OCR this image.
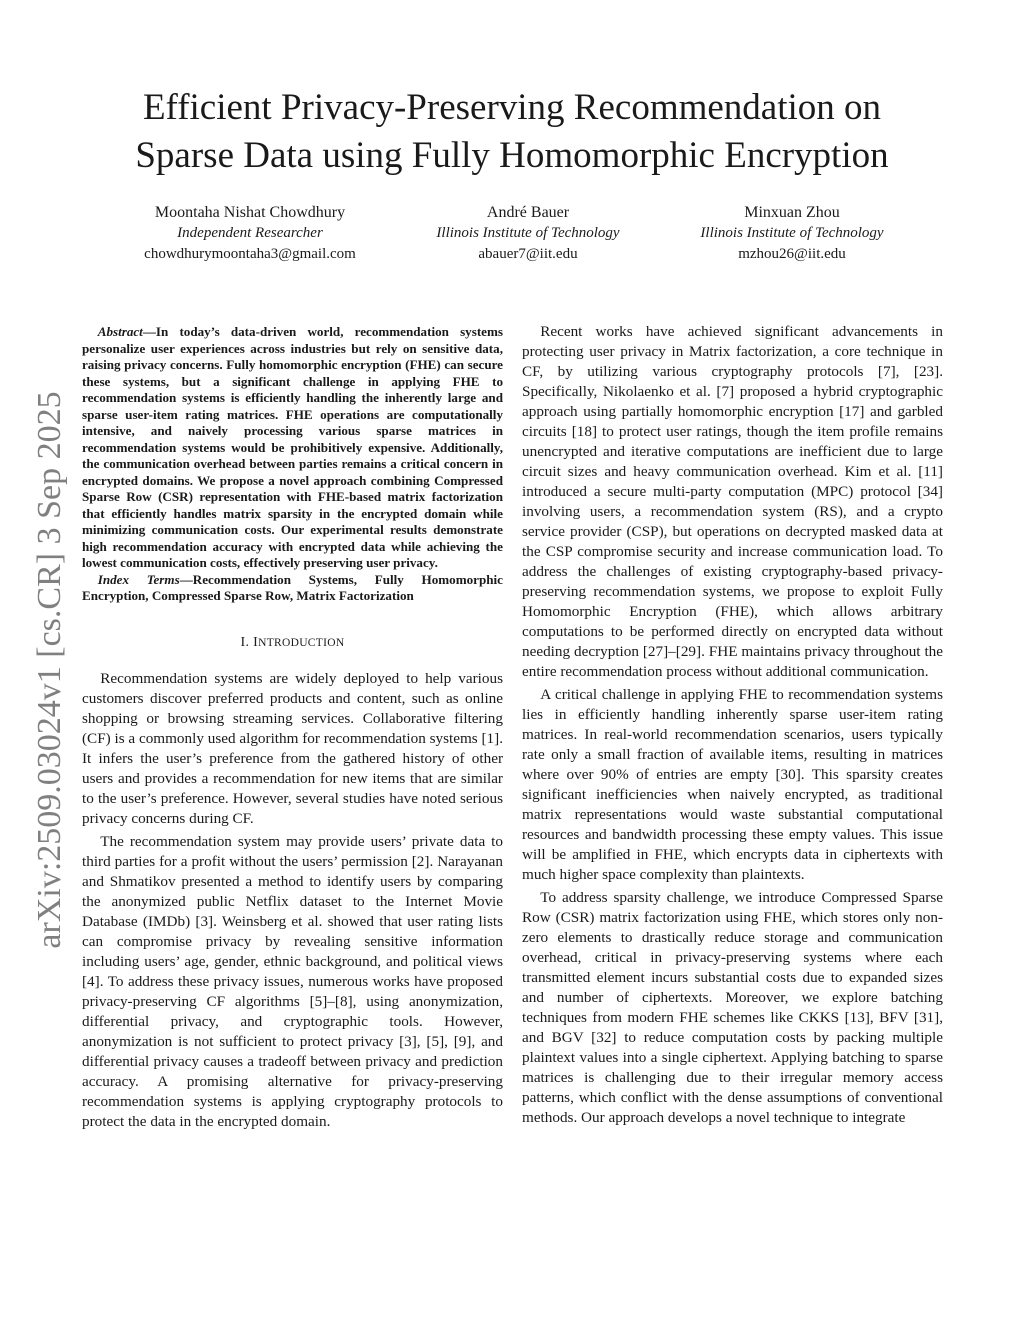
arXiv:2509.03024v1 [cs.CR] 3 Sep 2025
Efficient Privacy-Preserving Recommendation on
Sparse Data using Fully Homomorphic Encryption
Moontaha Nishat Chowdhury
Independent Researcher
chowdhurymoontaha3@gmail.com
André Bauer
Illinois Institute of Technology
abauer7@iit.edu
Minxuan Zhou
Illinois Institute of Technology
mzhou26@iit.edu

Abstract—In today’s data-driven world, recommendation systems personalize user experiences across industries but rely on sensitive data, raising privacy concerns. Fully homomorphic encryption (FHE) can secure these systems, but a significant challenge in applying FHE to recommendation systems is efficiently handling the inherently large and sparse user-item rating matrices. FHE operations are computationally intensive, and naively processing various sparse matrices in recommendation systems would be prohibitively expensive. Additionally, the communication overhead between parties remains a critical concern in encrypted domains. We propose a novel approach combining Compressed Sparse Row (CSR) representation with FHE-based matrix factorization that efficiently handles matrix sparsity in the encrypted domain while minimizing communication costs. Our experimental results demonstrate high recommendation accuracy with encrypted data while achieving the lowest communication costs, effectively preserving user privacy.

Index Terms—Recommendation Systems, Fully Homomorphic Encryption, Compressed Sparse Row, Matrix Factorization

I. INTRODUCTION

Recommendation systems are widely deployed to help various customers discover preferred products and content, such as online shopping or browsing streaming services. Collaborative filtering (CF) is a commonly used algorithm for recommendation systems [1]. It infers the user’s preference from the gathered history of other users and provides a recommendation for new items that are similar to the user’s preference. However, several studies have noted serious privacy concerns during CF.

The recommendation system may provide users’ private data to third parties for a profit without the users’ permission [2]. Narayanan and Shmatikov presented a method to identify users by comparing the anonymized public Netflix dataset to the Internet Movie Database (IMDb) [3]. Weinsberg et al. showed that user rating lists can compromise privacy by revealing sensitive information including users’ age, gender, ethnic background, and political views [4]. To address these privacy issues, numerous works have proposed privacy-preserving CF algorithms [5]–[8], using anonymization, differential privacy, and cryptographic tools. However, anonymization is not sufficient to protect privacy [3], [5], [9], and differential privacy causes a tradeoff between privacy and prediction accuracy. A promising alternative for privacy-preserving recommendation systems is applying cryptography protocols to protect the data in the encrypted domain.

Recent works have achieved significant advancements in protecting user privacy in Matrix factorization, a core technique in CF, by utilizing various cryptography protocols [7], [23]. Specifically, Nikolaenko et al. [7] proposed a hybrid cryptographic approach using partially homomorphic encryption [17] and garbled circuits [18] to protect user ratings, though the item profile remains unencrypted and iterative computations are inefficient due to large circuit sizes and heavy communication overhead. Kim et al. [11] introduced a secure multi-party computation (MPC) protocol [34] involving users, a recommendation system (RS), and a crypto service provider (CSP), but operations on decrypted masked data at the CSP compromise security and increase communication load. To address the challenges of existing cryptography-based privacy-preserving recommendation systems, we propose to exploit Fully Homomorphic Encryption (FHE), which allows arbitrary computations to be performed directly on encrypted data without needing decryption [27]–[29]. FHE maintains privacy throughout the entire recommendation process without additional communication.

A critical challenge in applying FHE to recommendation systems lies in efficiently handling inherently sparse user-item rating matrices. In real-world recommendation scenarios, users typically rate only a small fraction of available items, resulting in matrices where over 90% of entries are empty [30]. This sparsity creates significant inefficiencies when naively encrypted, as traditional matrix representations would waste substantial computational resources and bandwidth processing these empty values. This issue will be amplified in FHE, which encrypts data in ciphertexts with much higher space complexity than plaintexts.

To address sparsity challenge, we introduce Compressed Sparse Row (CSR) matrix factorization using FHE, which stores only non-zero elements to drastically reduce storage and communication overhead, critical in privacy-preserving systems where each transmitted element incurs substantial costs due to expanded sizes and number of ciphertexts. Moreover, we explore batching techniques from modern FHE schemes like CKKS [13], BFV [31], and BGV [32] to reduce computation costs by packing multiple plaintext values into a single ciphertext. Applying batching to sparse matrices is challenging due to their irregular memory access patterns, which conflict with the dense assumptions of conventional methods. Our approach develops a novel technique to integrate
